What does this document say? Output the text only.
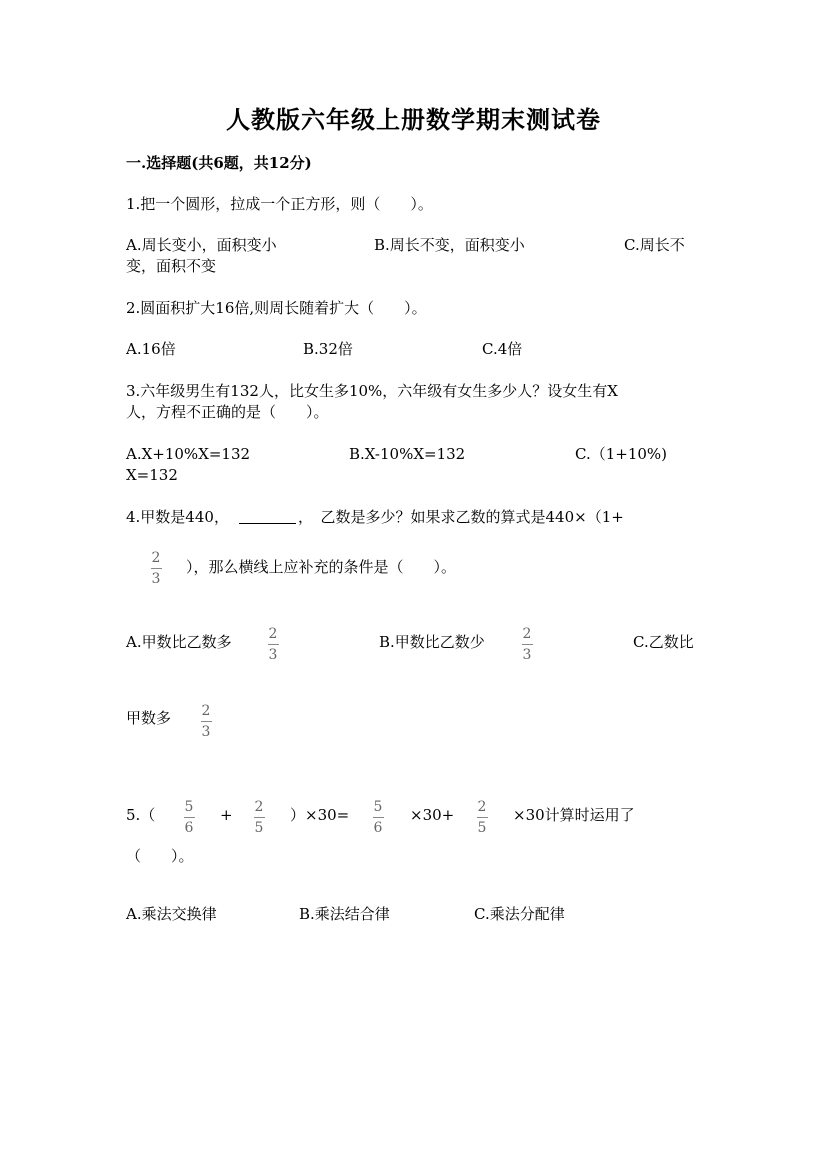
人教版六年级上册数学期末测试卷
一.选择题(共6题，共12分)
1.把一个圆形，拉成一个正方形，则（　　）。
A.周长变小，面积变小	B.周长不变，面积变小	C.周长不
变，面积不变
2.圆面积扩大16倍,则周长随着扩大（　　）。
A.16倍	B.32倍	C.4倍
3.六年级男生有132人，比女生多10%，六年级有女生多少人？设女生有X
人，方程不正确的是（　　）。
A.X+10%X=132	B.X-10%X=132	C.（1+10%)
X=132
4.甲数是440，	，　乙数是多少？如果求乙数的算式是440×（1+
2
3
），那么横线上应补充的条件是（　　）。
A.甲数比乙数多	2
3
B.甲数比乙数少	2
3
C.乙数比
甲数多 2
3
5.（ 5
6
+ 2
5
）×30= 5
6
×30+ 2
5
×30计算时运用了
（　　）。
A.乘法交换律	B.乘法结合律	C.乘法分配律
